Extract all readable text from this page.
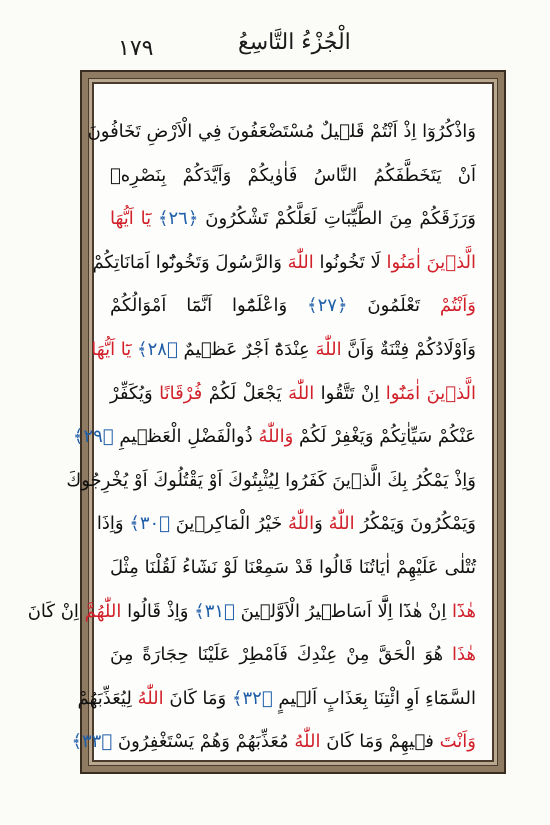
١٧٩	الْجُزْءُ التَّاسِعُ
وَاذْكُرُوٓا اِذْ اَنْتُمْ قَل۪يلٌ مُسْتَضْعَفُونَ فِي الْاَرْضِ تَخَافُونَ
اَنْ يَتَخَطَّفَكُمُ النَّاسُ فَاٰوٰيكُمْ وَاَيَّدَكُمْ بِنَصْرِه۪
وَرَزَقَكُمْ مِنَ الطَّيِّبَاتِ لَعَلَّكُمْ تَشْكُرُونَ ﴿٢٦﴾ يَٓا اَيُّهَا
الَّذ۪ينَ اٰمَنُوا لَا تَخُونُوا اللّٰهَ وَالرَّسُولَ وَتَخُونُٓوا اَمَانَاتِكُمْ
وَاَنْتُمْ تَعْلَمُونَ ﴿٢٧﴾ وَاعْلَمُٓوا اَنَّمَٓا اَمْوَالُكُمْ
وَاَوْلَادُكُمْ فِتْنَةٌ وَاَنَّ اللّٰهَ عِنْدَهُٓ اَجْرٌ عَظ۪يمٌ ﴿٢٨﴾ يَٓا اَيُّهَا
الَّذ۪ينَ اٰمَنُٓوا اِنْ تَتَّقُوا اللّٰهَ يَجْعَلْ لَكُمْ فُرْقَانًا وَيُكَفِّرْ
عَنْكُمْ سَيِّاٰتِكُمْ وَيَغْفِرْ لَكُمْ وَاللّٰهُ ذُوالْفَضْلِ الْعَظ۪يمِ ﴿٢٩﴾
وَاِذْ يَمْكُرُ بِكَ الَّذ۪ينَ كَفَرُوا لِيُثْبِتُوكَ اَوْ يَقْتُلُوكَ اَوْ يُخْرِجُوكَ
وَيَمْكُرُونَ وَيَمْكُرُ اللّٰهُ وَاللّٰهُ خَيْرُ الْمَاكِر۪ينَ ﴿٣٠﴾ وَاِذَا
تُتْلٰى عَلَيْهِمْ اٰيَاتُنَا قَالُوا قَدْ سَمِعْنَا لَوْ نَشَٓاءُ لَقُلْنَا مِثْلَ
هٰذَٓا اِنْ هٰذَٓا اِلَّٓا اَسَاط۪يرُ الْاَوَّل۪ينَ ﴿٣١﴾ وَاِذْ قَالُوا اللّٰهُمَّ اِنْ كَانَ
هٰذَا هُوَ الْحَقَّ مِنْ عِنْدِكَ فَاَمْطِرْ عَلَيْنَا حِجَارَةً مِنَ
السَّمَٓاءِ اَوِ ائْتِنَا بِعَذَابٍ اَل۪يمٍ ﴿٣٢﴾ وَمَا كَانَ اللّٰهُ لِيُعَذِّبَهُمْ
وَاَنْتَ ف۪يهِمْ وَمَا كَانَ اللّٰهُ مُعَذِّبَهُمْ وَهُمْ يَسْتَغْفِرُونَ ﴿٣٣﴾
